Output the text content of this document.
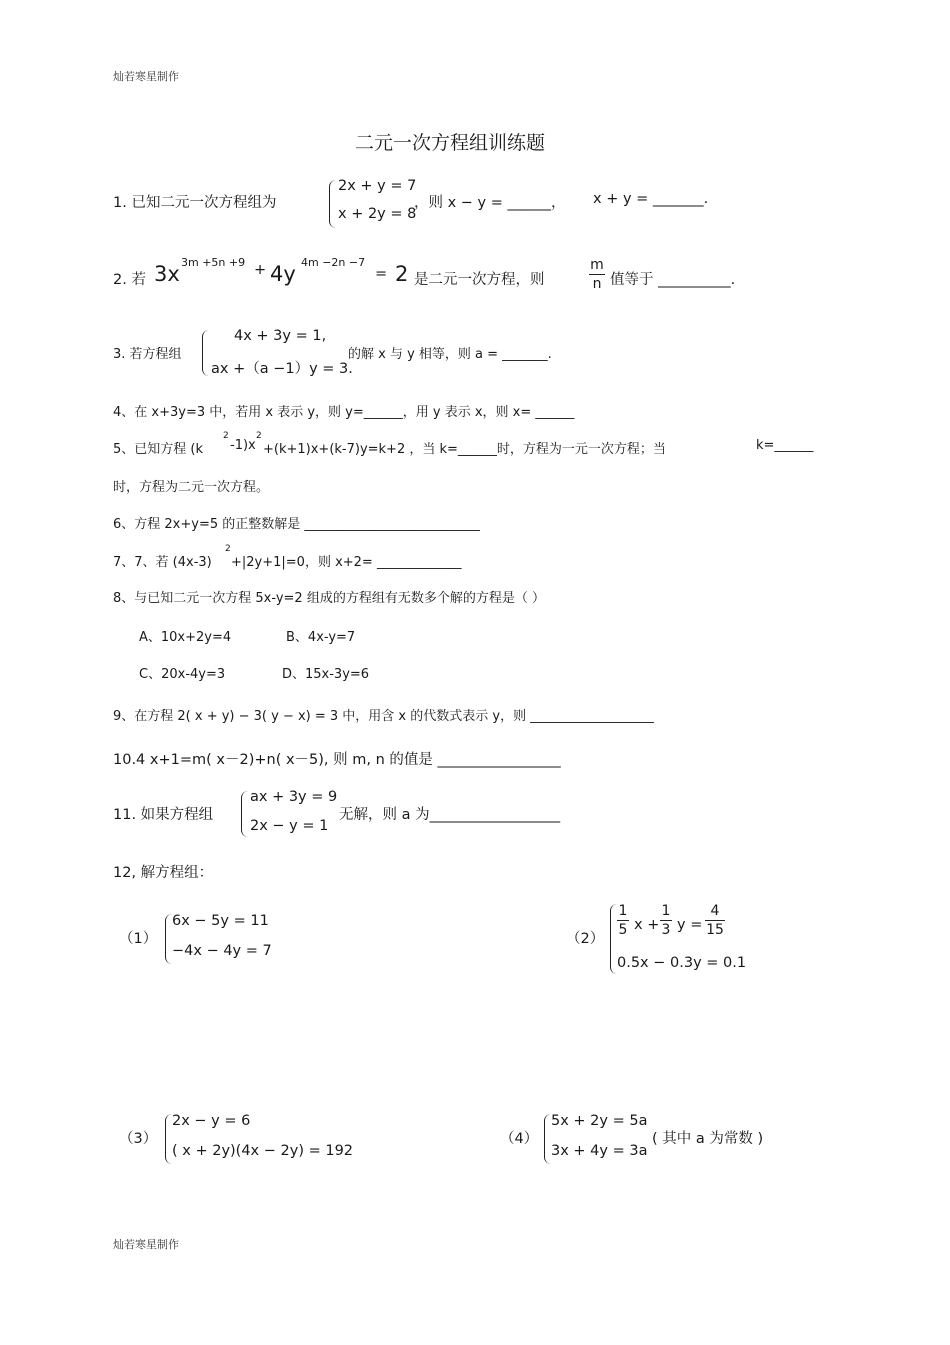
灿若寒星制作
二元一次方程组训练题
1. 已知二元一次方程组为
2x + y = 7
x + 2y = 8
，则 x − y = ______， x + y = _______.
2. 若 3x 3m +5n +9 + 4y 4m −2n −7
= 2 是二元一次方程，则
m
n 值等于 __________.
3. 若方程组
4x + 3y = 1,
ax +（a −1）y = 3.
的解 x 与 y 相等，则 a = _______.
4、在 x+3y=3 中，若用 x 表示 y，则 y=______，用 y 表示 x，则 x= ______
5、已知方程 (k
2
-1)x
2
+(k+1)x+(k-7)y=k+2 ，当 k=______时，方程为一元一次方程；当	k=______
时，方程为二元一次方程。
6、方程 2x+y=5 的正整数解是 ___________________________
7、7、若 (4x-3)
2
+|2y+1|=0，则 x+2= _____________
8、与已知二元一次方程 5x-y=2 组成的方程组有无数多个解的方程是（ ）
A、10x+2y=4	B、4x-y=7
C、20x-4y=3	D、15x-3y=6
9、在方程 2( x + y) − 3( y − x) = 3 中，用含 x 的代数式表示 y，则 ___________________
10.4 x+1=m( x－2)+n( x－5), 则 m, n 的值是 _________________
11. 如果方程组
ax + 3y = 9
2x − y = 1
无解，则 a 为__________________
12, 解方程组：
（1）
6x − 5y = 11
−4x − 4y = 7
（2）
1
5 x +
1
3 y =
4
15
0.5x − 0.3y = 0.1
（3）
2x − y = 6
( x + 2y)(4x − 2y) = 192
（4）
5x + 2y = 5a
3x + 4y = 3a
( 其中 a 为常数 )
灿若寒星制作
